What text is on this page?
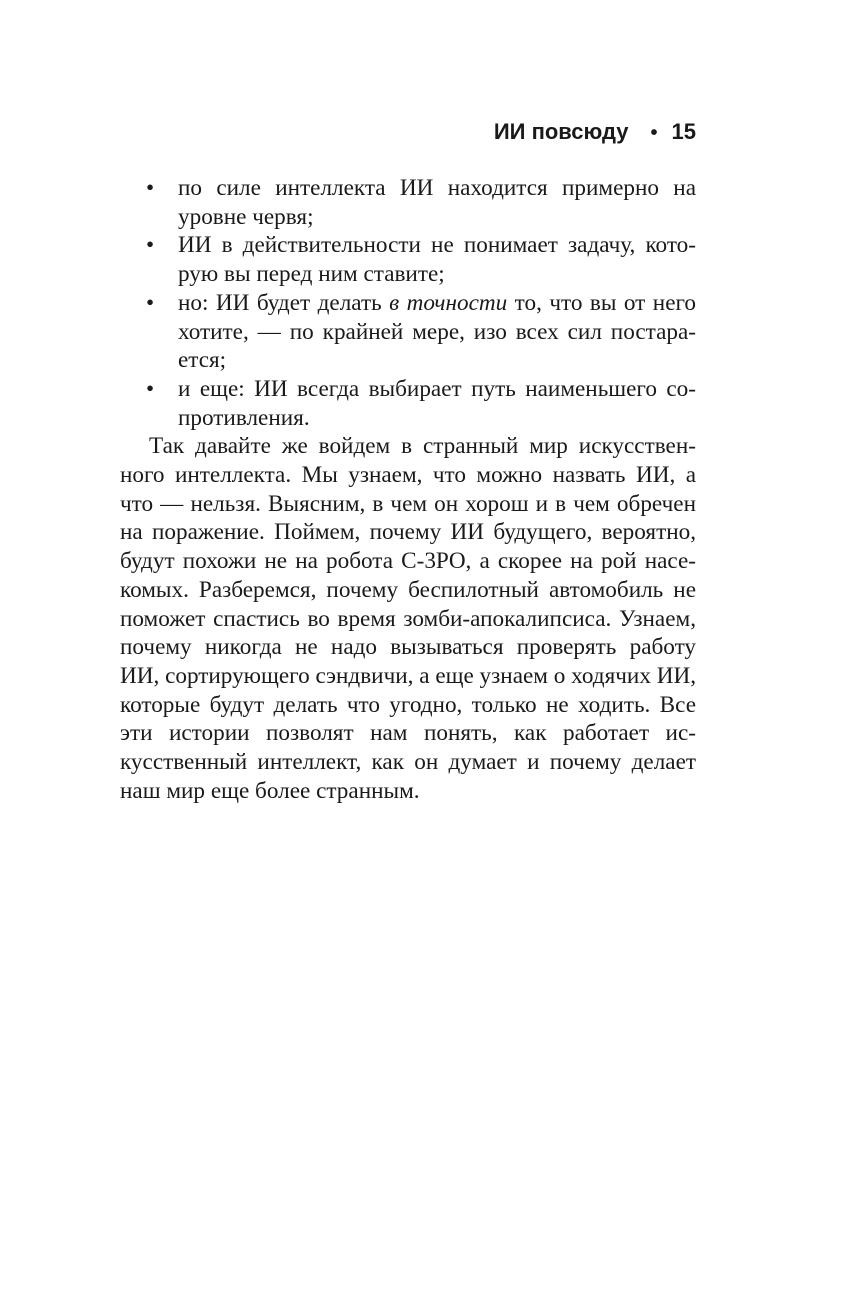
ИИ повсюду • 15
• по силе интеллекта ИИ находится примерно на уровне червя;
• ИИ в действительности не понимает задачу, которую вы перед ним ставите;
• но: ИИ будет делать в точности то, что вы от него хотите, — по крайней мере, изо всех сил постарается;
• и еще: ИИ всегда выбирает путь наименьшего сопротивления.

Так давайте же войдем в странный мир искусственного интеллекта. Мы узнаем, что можно назвать ИИ, а что — нельзя. Выясним, в чем он хорош и в чем обречен на поражение. Поймем, почему ИИ будущего, вероятно, будут похожи не на робота C-3PO, а скорее на рой насекомых. Разберемся, почему беспилотный автомобиль не поможет спастись во время зомби-апокалипсиса. Узнаем, почему никогда не надо вызываться проверять работу ИИ, сортирующего сэндвичи, а еще узнаем о ходячих ИИ, которые будут делать что угодно, только не ходить. Все эти истории позволят нам понять, как работает искусственный интеллект, как он думает и почему делает наш мир еще более странным.
